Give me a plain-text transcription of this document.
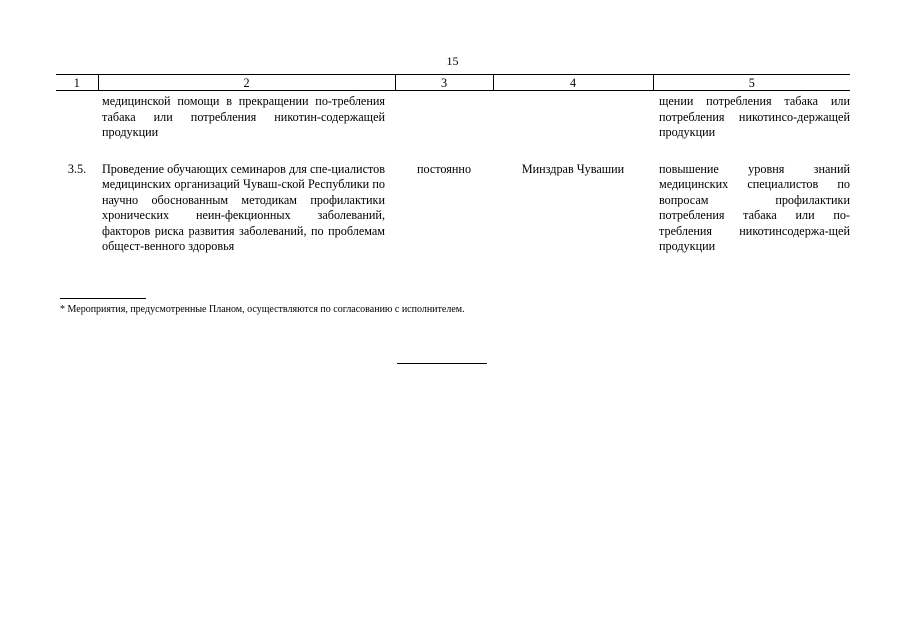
15
1	2	3	4	5
	медицинской помощи в прекращении по-требления табака или потребления никотин-содержащей продукции			щении потребления табака или потребления никотинсо-держащей продукции
3.5.	Проведение обучающих семинаров для спе-циалистов медицинских организаций Чуваш-ской Республики по научно обоснованным методикам профилактики хронических неин-фекционных заболеваний, факторов риска развития заболеваний, по проблемам общест-венного здоровья	постоянно	Минздрав Чувашии	повышение уровня знаний медицинских специалистов по вопросам профилактики потребления табака или по-требления никотинсодержа-щей продукции
* Мероприятия, предусмотренные Планом, осуществляются по согласованию с исполнителем.
